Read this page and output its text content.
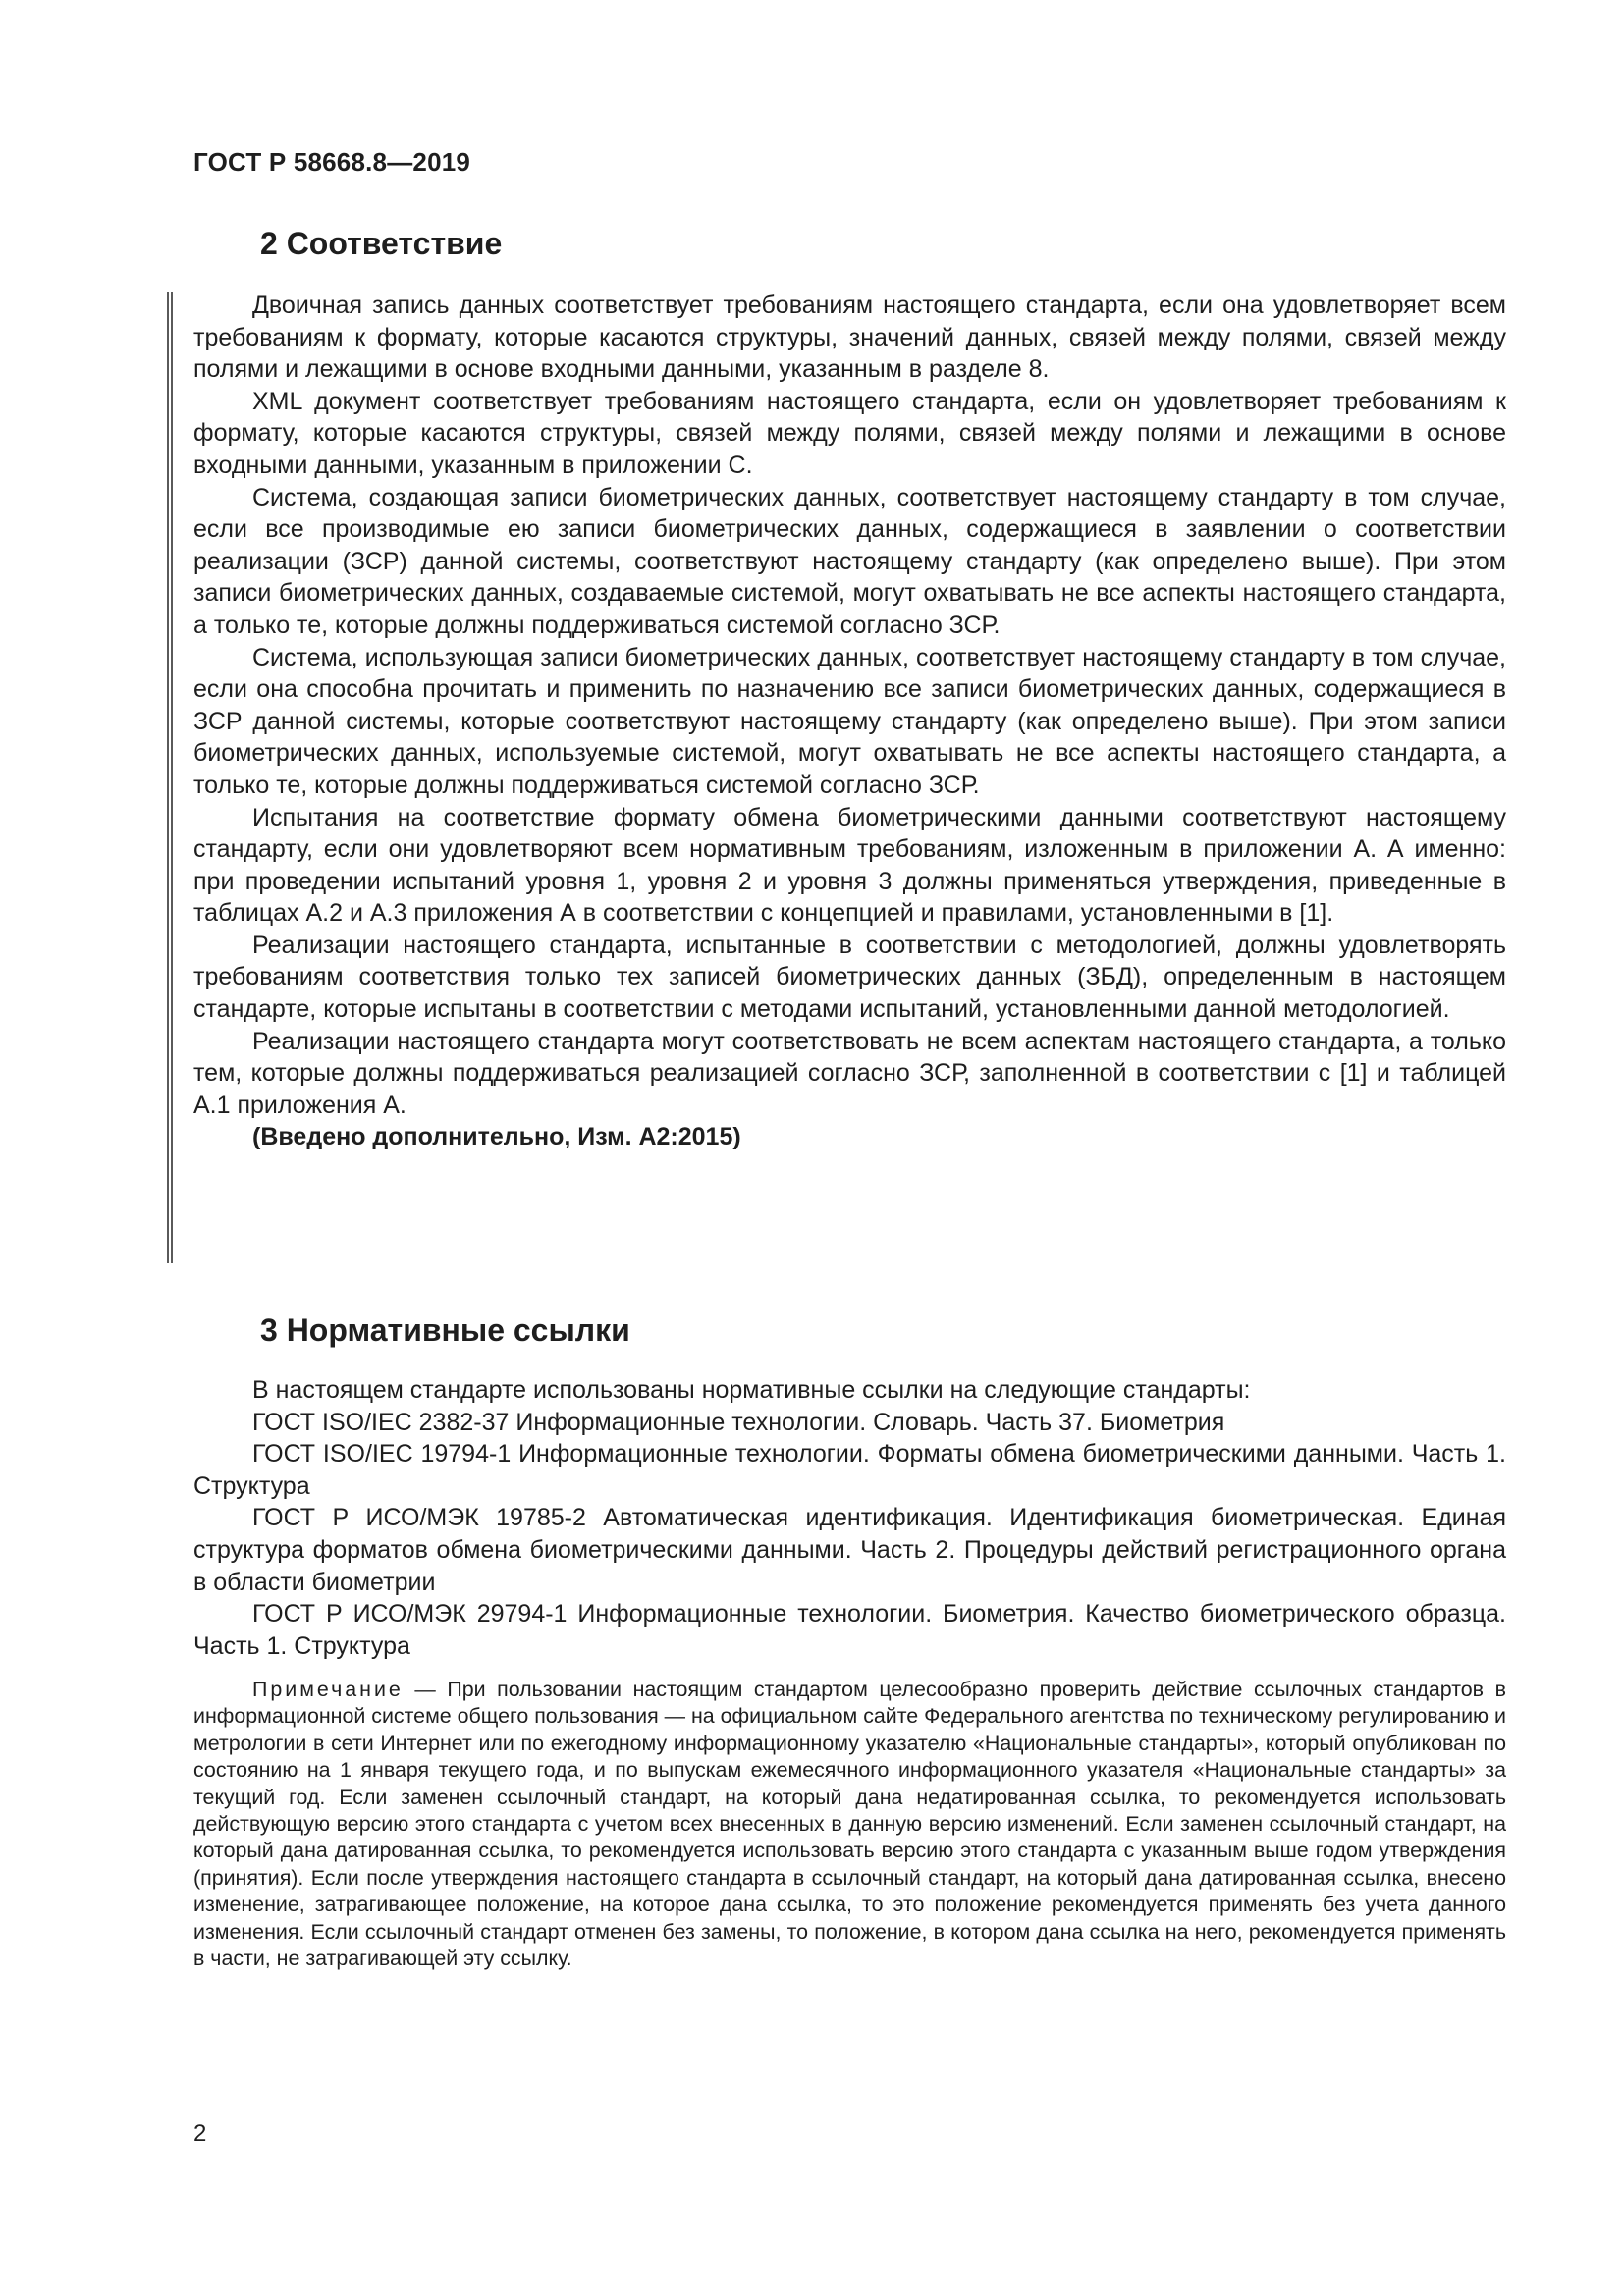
ГОСТ Р 58668.8—2019
2 Соответствие

Двоичная запись данных соответствует требованиям настоящего стандарта, если она удовлетворяет всем требованиям к формату, которые касаются структуры, значений данных, связей между полями, связей между полями и лежащими в основе входными данными, указанным в разделе 8.

XML документ соответствует требованиям настоящего стандарта, если он удовлетворяет требованиям к формату, которые касаются структуры, связей между полями, связей между полями и лежащими в основе входными данными, указанным в приложении С.

Система, создающая записи биометрических данных, соответствует настоящему стандарту в том случае, если все производимые ею записи биометрических данных, содержащиеся в заявлении о соответствии реализации (ЗСР) данной системы, соответствуют настоящему стандарту (как определено выше). При этом записи биометрических данных, создаваемые системой, могут охватывать не все аспекты настоящего стандарта, а только те, которые должны поддерживаться системой согласно ЗСР.

Система, использующая записи биометрических данных, соответствует настоящему стандарту в том случае, если она способна прочитать и применить по назначению все записи биометрических данных, содержащиеся в ЗСР данной системы, которые соответствуют настоящему стандарту (как определено выше). При этом записи биометрических данных, используемые системой, могут охватывать не все аспекты настоящего стандарта, а только те, которые должны поддерживаться системой согласно ЗСР.

Испытания на соответствие формату обмена биометрическими данными соответствуют настоящему стандарту, если они удовлетворяют всем нормативным требованиям, изложенным в приложении А. А именно: при проведении испытаний уровня 1, уровня 2 и уровня 3 должны применяться утверждения, приведенные в таблицах А.2 и А.3 приложения А в соответствии с концепцией и правилами, установленными в [1].

Реализации настоящего стандарта, испытанные в соответствии с методологией, должны удовлетворять требованиям соответствия только тех записей биометрических данных (ЗБД), определенным в настоящем стандарте, которые испытаны в соответствии с методами испытаний, установленными данной методологией.

Реализации настоящего стандарта могут соответствовать не всем аспектам настоящего стандарта, а только тем, которые должны поддерживаться реализацией согласно ЗСР, заполненной в соответствии с [1] и таблицей А.1 приложения А.

(Введено дополнительно, Изм. А2:2015)

3 Нормативные ссылки

В настоящем стандарте использованы нормативные ссылки на следующие стандарты:

ГОСТ ISO/IEC 2382-37 Информационные технологии. Словарь. Часть 37. Биометрия

ГОСТ ISO/IEC 19794-1 Информационные технологии. Форматы обмена биометрическими данными. Часть 1. Структура

ГОСТ Р ИСО/МЭК 19785-2 Автоматическая идентификация. Идентификация биометрическая. Единая структура форматов обмена биометрическими данными. Часть 2. Процедуры действий регистрационного органа в области биометрии

ГОСТ Р ИСО/МЭК 29794-1 Информационные технологии. Биометрия. Качество биометрического образца. Часть 1. Структура

Примечание — При пользовании настоящим стандартом целесообразно проверить действие ссылочных стандартов в информационной системе общего пользования — на официальном сайте Федерального агентства по техническому регулированию и метрологии в сети Интернет или по ежегодному информационному указателю «Национальные стандарты», который опубликован по состоянию на 1 января текущего года, и по выпускам ежемесячного информационного указателя «Национальные стандарты» за текущий год. Если заменен ссылочный стандарт, на который дана недатированная ссылка, то рекомендуется использовать действующую версию этого стандарта с учетом всех внесенных в данную версию изменений. Если заменен ссылочный стандарт, на который дана датированная ссылка, то рекомендуется использовать версию этого стандарта с указанным выше годом утверждения (принятия). Если после утверждения настоящего стандарта в ссылочный стандарт, на который дана датированная ссылка, внесено изменение, затрагивающее положение, на которое дана ссылка, то это положение рекомендуется применять без учета данного изменения. Если ссылочный стандарт отменен без замены, то положение, в котором дана ссылка на него, рекомендуется применять в части, не затрагивающей эту ссылку.

2
